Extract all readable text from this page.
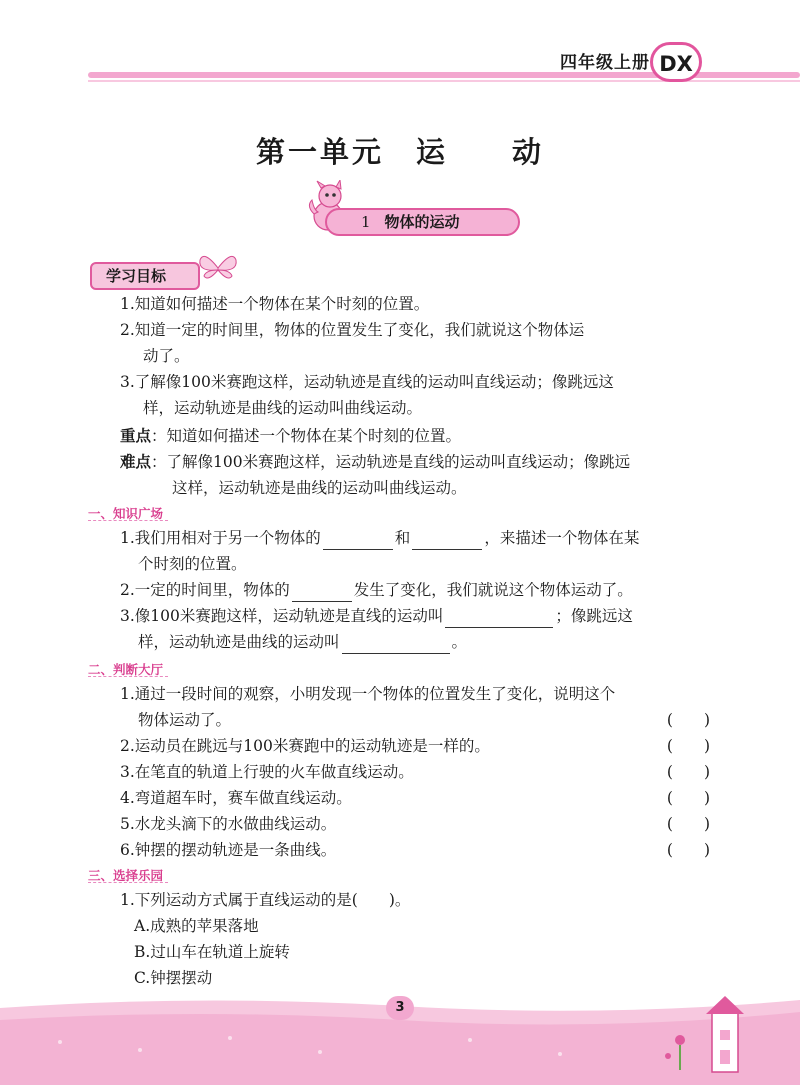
四年级上册 DX
第一单元　运　　动
1 物体的运动
学习目标
1.知道如何描述一个物体在某个时刻的位置。
2.知道一定的时间里，物体的位置发生了变化，我们就说这个物体运
动了。
3.了解像100米赛跑这样，运动轨迹是直线的运动叫直线运动；像跳远这
样，运动轨迹是曲线的运动叫曲线运动。
重点：知道如何描述一个物体在某个时刻的位置。
难点：了解像100米赛跑这样，运动轨迹是直线的运动叫直线运动；像跳远
这样，运动轨迹是曲线的运动叫曲线运动。
一、知识广场
1.我们用相对于另一个物体的	和	，来描述一个物体在某
个时刻的位置。
2.一定的时间里，物体的	发生了变化，我们就说这个物体运动了。
3.像100米赛跑这样，运动轨迹是直线的运动叫	；像跳远这
样，运动轨迹是曲线的运动叫	。
二、判断大厅
1.通过一段时间的观察，小明发现一个物体的位置发生了变化，说明这个
物体运动了。	(　　)
2.运动员在跳远与100米赛跑中的运动轨迹是一样的。	(　　)
3.在笔直的轨道上行驶的火车做直线运动。	(　　)
4.弯道超车时，赛车做直线运动。	(　　)
5.水龙头滴下的水做曲线运动。	(　　)
6.钟摆的摆动轨迹是一条曲线。	(　　)
三、选择乐园
1.下列运动方式属于直线运动的是(　　)。
A.成熟的苹果落地
B.过山车在轨道上旋转
C.钟摆摆动
3
